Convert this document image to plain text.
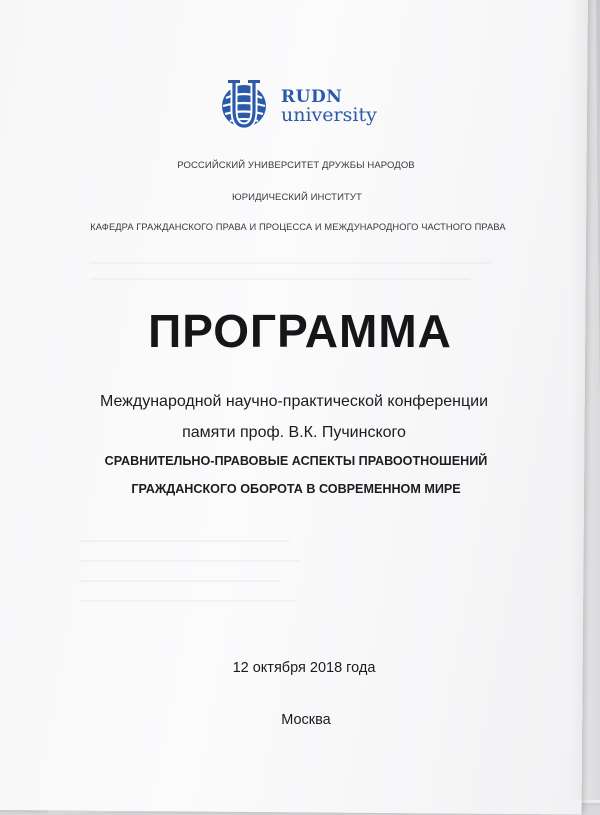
RUDN
university
РОССИЙСКИЙ УНИВЕРСИТЕТ ДРУЖБЫ НАРОДОВ
ЮРИДИЧЕСКИЙ ИНСТИТУТ
КАФЕДРА ГРАЖДАНСКОГО ПРАВА И ПРОЦЕССА И МЕЖДУНАРОДНОГО ЧАСТНОГО ПРАВА
ПРОГРАММА
Международной научно-практической конференции
памяти проф. В.К. Пучинского
СРАВНИТЕЛЬНО-ПРАВОВЫЕ АСПЕКТЫ ПРАВООТНОШЕНИЙ
ГРАЖДАНСКОГО ОБОРОТА В СОВРЕМЕННОМ МИРЕ
12 октября 2018 года
Москва
